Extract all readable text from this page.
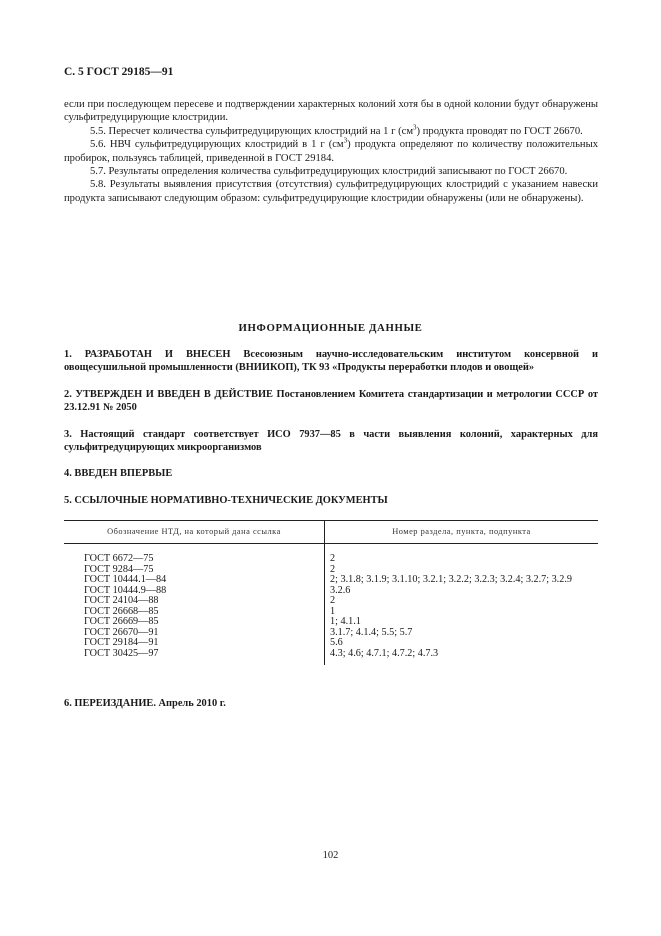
С. 5 ГОСТ 29185—91

если при последующем пересеве и подтверждении характерных колоний хотя бы в одной колонии будут обнаружены сульфитредуцирующие клостридии.

5.5. Пересчет количества сульфитредуцирующих клостридий на 1 г $(см^3)$ продукта проводят по ГОСТ 26670.

5.6. НВЧ сульфитредуцирующих клостридий в 1 г $(см^3)$ продукта определяют по количеству положительных пробирок, пользуясь таблицей, приведенной в ГОСТ 29184.

5.7. Результаты определения количества сульфитредуцирующих клостридий записывают по ГОСТ 26670.

5.8. Результаты выявления присутствия (отсутствия) сульфитредуцирующих клостридий с указанием навески продукта записывают следующим образом: сульфитредуцирующие клостридии обнаружены (или не обнаружены).

ИНФОРМАЦИОННЫЕ ДАННЫЕ
1. РАЗРАБОТАН И ВНЕСЕН Всесоюзным научно-исследовательским институтом консервной и овощесушильной промышленности (ВНИИКОП), ТК 93 «Продукты переработки плодов и овощей»
2. УТВЕРЖДЕН И ВВЕДЕН В ДЕЙСТВИЕ Постановлением Комитета стандартизации и метрологии СССР от 23.12.91 № 2050
3. Настоящий стандарт соответствует ИСО 7937—85 в части выявления колоний, характерных для сульфитредуцирующих микроорганизмов
4. ВВЕДЕН ВПЕРВЫЕ
5. ССЫЛОЧНЫЕ НОРМАТИВНО-ТЕХНИЧЕСКИЕ ДОКУМЕНТЫ
Обозначение НТД, на который дана ссылка	Номер раздела, пункта, подпункта
ГОСТ 6672—75	2
ГОСТ 9284—75	2
ГОСТ 10444.1—84	2; 3.1.8; 3.1.9; 3.1.10; 3.2.1; 3.2.2; 3.2.3; 3.2.4; 3.2.7; 3.2.9
ГОСТ 10444.9—88	3.2.6
ГОСТ 24104—88	2
ГОСТ 26668—85	1
ГОСТ 26669—85	1; 4.1.1
ГОСТ 26670—91	3.1.7; 4.1.4; 5.5; 5.7
ГОСТ 29184—91	5.6
ГОСТ 30425—97	4.3; 4.6; 4.7.1; 4.7.2; 4.7.3
6. ПЕРЕИЗДАНИЕ. Апрель 2010 г.
102
